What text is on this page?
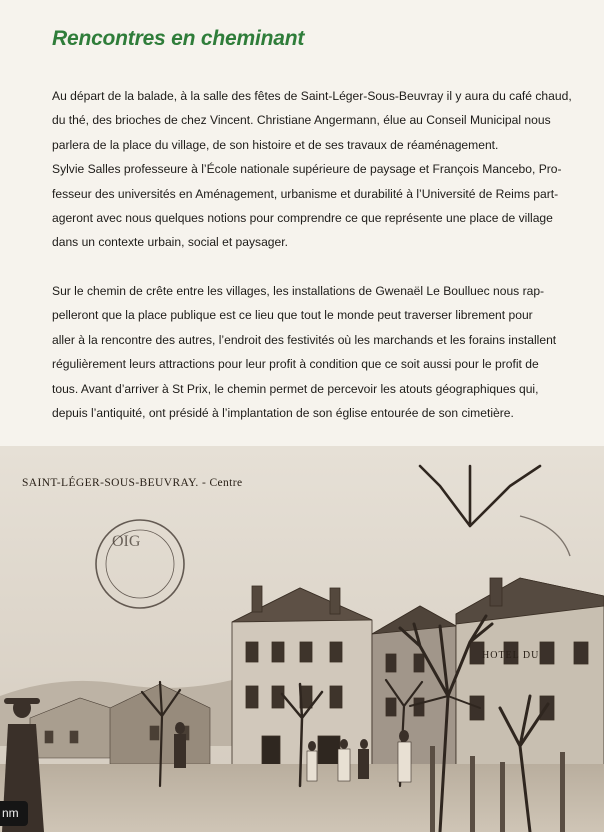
Rencontres en cheminant

Au départ de la balade, à la salle des fêtes de Saint-Léger-Sous-Beuvray il y aura du café chaud,

du thé, des brioches de chez Vincent. Christiane Angermann, élue au Conseil Municipal nous

parlera de la place du village, de son histoire et de ses travaux de réaménagement.

Sylvie Salles professeure à l’École nationale supérieure de paysage et François Mancebo, Pro-

fesseur des universités en Aménagement, urbanisme et durabilité à l’Université de Reims part-

ageront avec nous quelques notions pour comprendre ce que représente une place de village

dans un contexte urbain, social et paysager.

Sur le chemin de crête entre les villages, les installations de Gwenaël Le Boulluec nous rap-

pelleront que la place publique est ce lieu que tout le monde peut traverser librement pour

aller à la rencontre des autres, l’endroit des festivités où les marchands et les forains installent

régulièrement leurs attractions pour leur profit à condition que ce soit aussi pour le profit de

tous. Avant d’arriver à St Prix, le chemin permet de percevoir les atouts géographiques qui,

depuis l’antiquité, ont présidé à l’implantation de son église entourée de son cimetière.

HOTEL DU
OIG
SAINT-LÉGER-SOUS-BEUVRAY. - Centre
nm
